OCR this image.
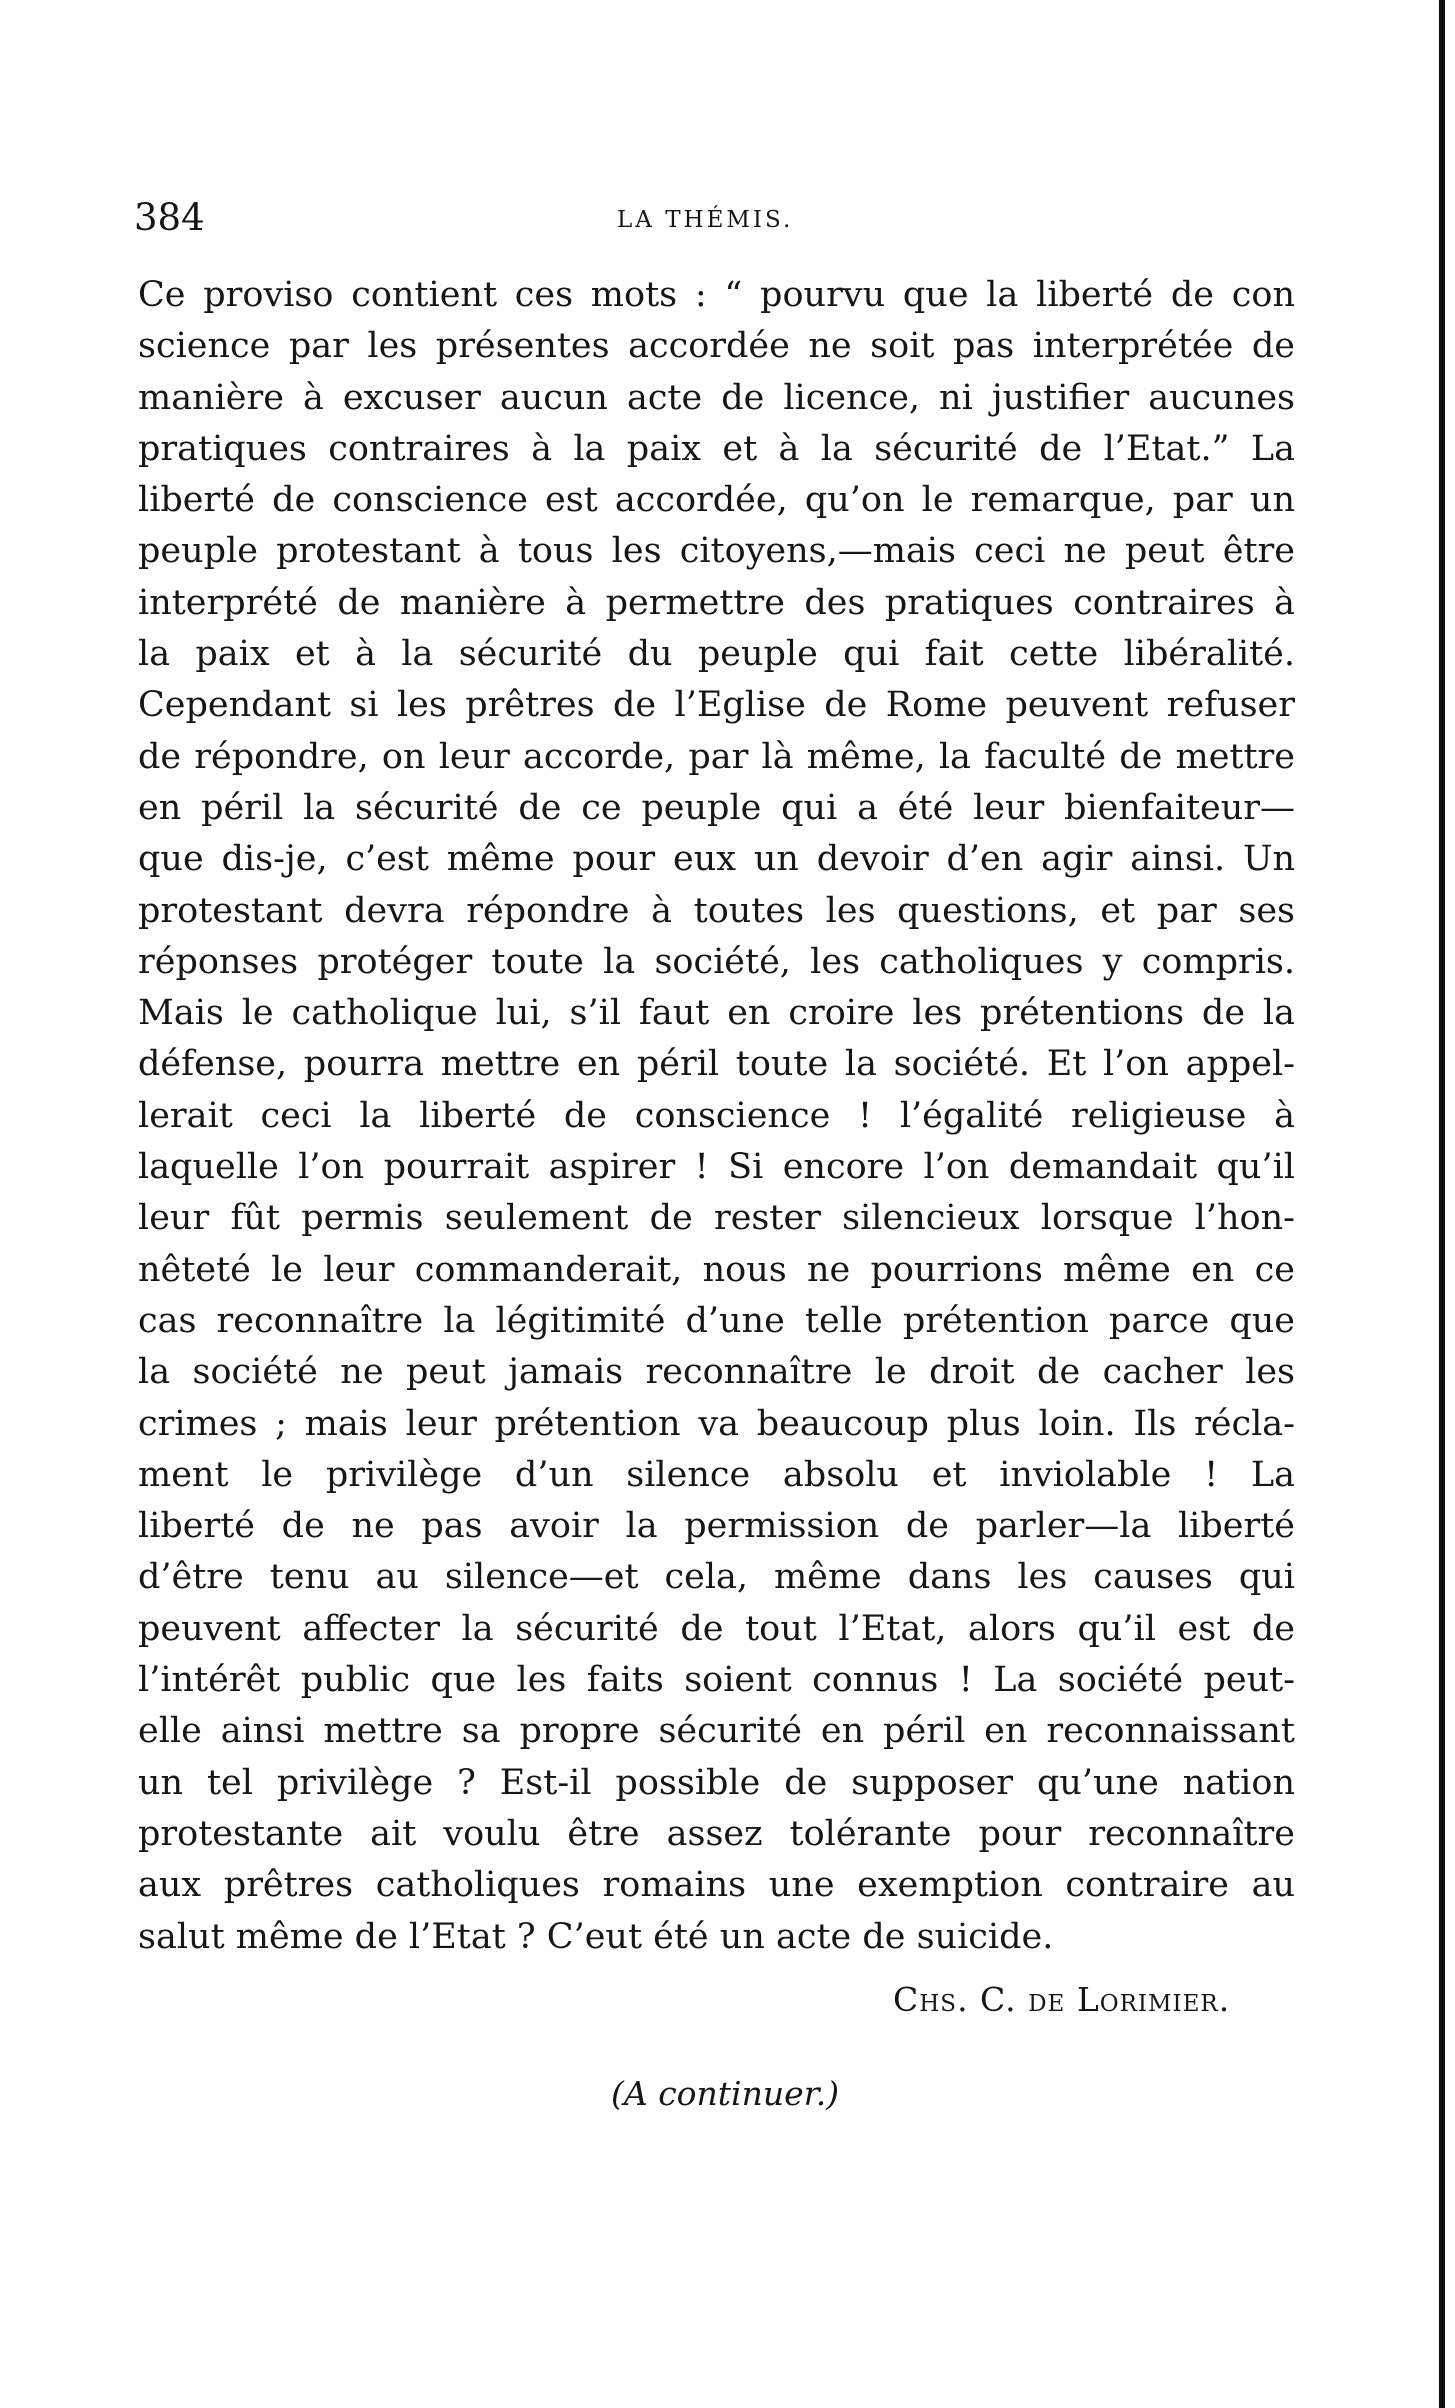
384	LA THÉMIS.
Ce proviso contient ces mots : “ pourvu que la liberté de con
science par les présentes accordée ne soit pas interprétée de
manière à excuser aucun acte de licence, ni justifier aucunes
pratiques contraires à la paix et à la sécurité de l’Etat.” La
liberté de conscience est accordée, qu’on le remarque, par un
peuple protestant à tous les citoyens,—mais ceci ne peut être
interprété de manière à permettre des pratiques contraires à
la paix et à la sécurité du peuple qui fait cette libéralité.
Cependant si les prêtres de l’Eglise de Rome peuvent refuser
de répondre, on leur accorde, par là même, la faculté de mettre
en péril la sécurité de ce peuple qui a été leur bienfaiteur—
que dis-je, c’est même pour eux un devoir d’en agir ainsi. Un
protestant devra répondre à toutes les questions, et par ses
réponses protéger toute la société, les catholiques y compris.
Mais le catholique lui, s’il faut en croire les prétentions de la
défense, pourra mettre en péril toute la société. Et l’on appel-
lerait ceci la liberté de conscience ! l’égalité religieuse à
laquelle l’on pourrait aspirer ! Si encore l’on demandait qu’il
leur fût permis seulement de rester silencieux lorsque l’hon-
nêteté le leur commanderait, nous ne pourrions même en ce
cas reconnaître la légitimité d’une telle prétention parce que
la société ne peut jamais reconnaître le droit de cacher les
crimes ; mais leur prétention va beaucoup plus loin. Ils récla-
ment le privilège d’un silence absolu et inviolable ! La
liberté de ne pas avoir la permission de parler—la liberté
d’être tenu au silence—et cela, même dans les causes qui
peuvent affecter la sécurité de tout l’Etat, alors qu’il est de
l’intérêt public que les faits soient connus ! La société peut-
elle ainsi mettre sa propre sécurité en péril en reconnaissant
un tel privilège ? Est-il possible de supposer qu’une nation
protestante ait voulu être assez tolérante pour reconnaître
aux prêtres catholiques romains une exemption contraire au
salut même de l’Etat ? C’eut été un acte de suicide.
Chs. C. de Lorimier.
(A continuer.)
